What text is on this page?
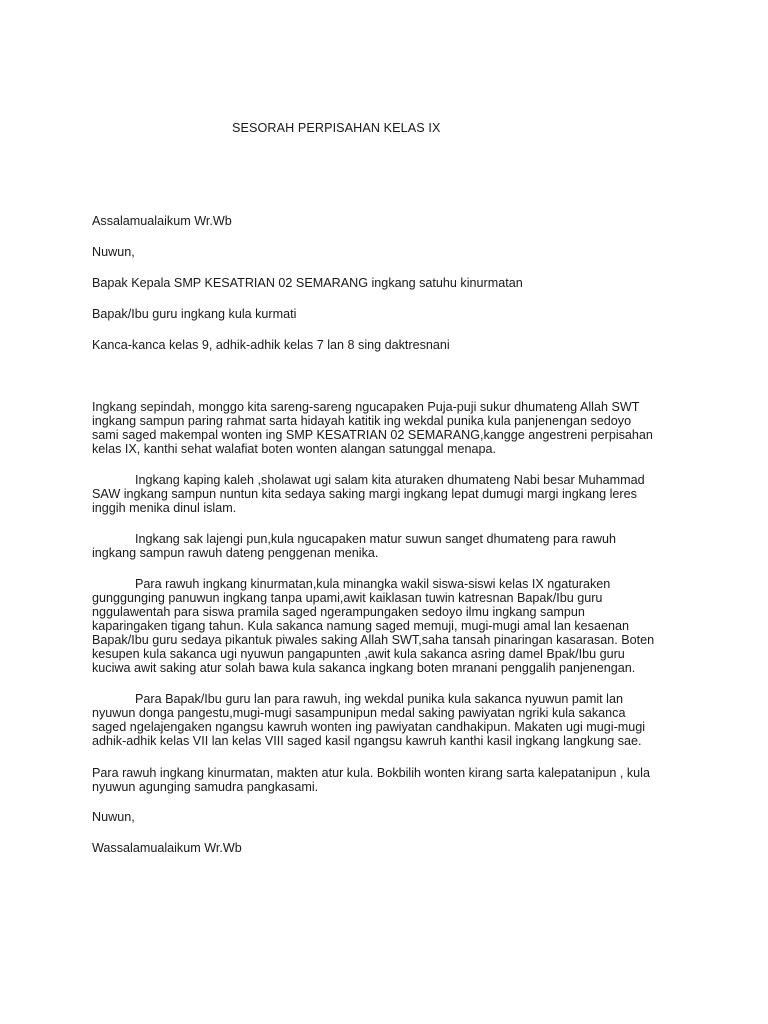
SESORAH PERPISAHAN KELAS IX
Assalamualaikum Wr.Wb
Nuwun,
Bapak Kepala SMP KESATRIAN 02 SEMARANG ingkang satuhu kinurmatan
Bapak/Ibu guru ingkang kula kurmati
Kanca-kanca kelas 9, adhik-adhik kelas 7 lan 8 sing daktresnani
Ingkang sepindah, monggo kita sareng-sareng ngucapaken Puja-puji sukur dhumateng Allah SWT
ingkang sampun paring rahmat sarta hidayah katitik ing wekdal punika kula panjenengan sedoyo
sami saged makempal wonten ing SMP KESATRIAN 02 SEMARANG,kangge angestreni perpisahan
kelas IX, kanthi sehat walafiat boten wonten alangan satunggal menapa.
Ingkang kaping kaleh ,sholawat ugi salam kita aturaken dhumateng Nabi besar Muhammad
SAW ingkang sampun nuntun kita sedaya saking margi ingkang lepat dumugi margi ingkang leres
inggih menika dinul islam.
Ingkang sak lajengi pun,kula ngucapaken matur suwun sanget dhumateng para rawuh
ingkang sampun rawuh dateng penggenan menika.
Para rawuh ingkang kinurmatan,kula minangka wakil siswa-siswi kelas IX ngaturaken
gunggunging panuwun ingkang tanpa upami,awit kaiklasan tuwin katresnan Bapak/Ibu guru
nggulawentah para siswa pramila saged ngerampungaken sedoyo ilmu ingkang sampun
kaparingaken tigang tahun. Kula sakanca namung saged memuji, mugi-mugi amal lan kesaenan
Bapak/Ibu guru sedaya pikantuk piwales saking Allah SWT,saha tansah pinaringan kasarasan. Boten
kesupen kula sakanca ugi nyuwun pangapunten ,awit kula sakanca asring damel Bpak/Ibu guru
kuciwa awit saking atur solah bawa kula sakanca ingkang boten mranani penggalih panjenengan.
Para Bapak/Ibu guru lan para rawuh, ing wekdal punika kula sakanca nyuwun pamit lan
nyuwun donga pangestu,mugi-mugi sasampunipun medal saking pawiyatan ngriki kula sakanca
saged ngelajengaken ngangsu kawruh wonten ing pawiyatan candhakipun. Makaten ugi mugi-mugi
adhik-adhik kelas VII lan kelas VIII saged kasil ngangsu kawruh kanthi kasil ingkang langkung sae.
Para rawuh ingkang kinurmatan, makten atur kula. Bokbilih wonten kirang sarta kalepatanipun , kula
nyuwun agunging samudra pangkasami.
Nuwun,
Wassalamualaikum Wr.Wb
